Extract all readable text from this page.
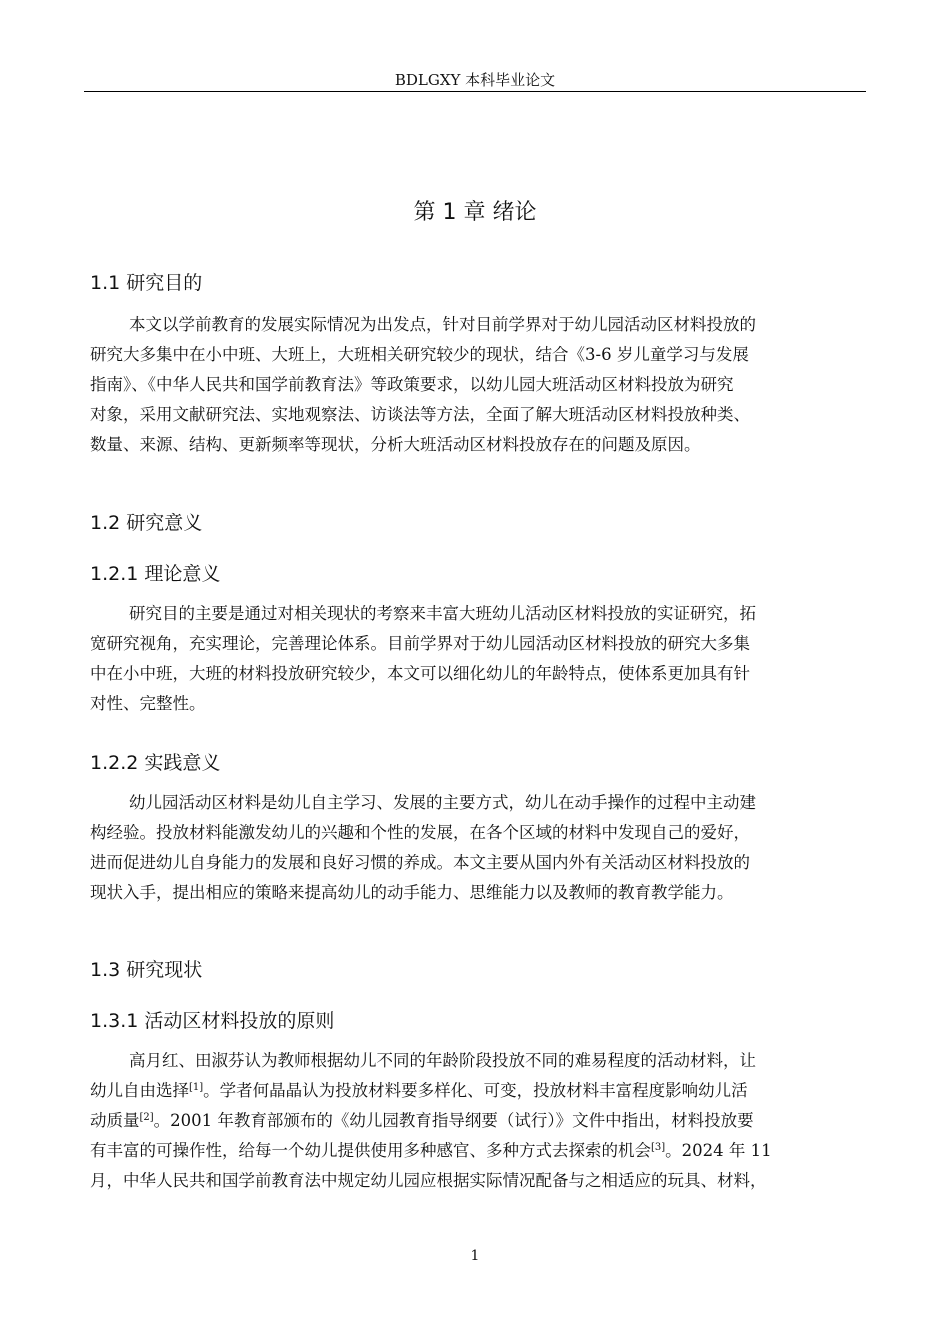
BDLGXY 本科毕业论文
第 1 章 绪论
1.1 研究目的

本文以学前教育的发展实际情况为出发点，针对目前学界对于幼儿园活动区材料投放的
研究大多集中在小中班、大班上，大班相关研究较少的现状，结合《3-6 岁儿童学习与发展
指南》、《中华人民共和国学前教育法》等政策要求，以幼儿园大班活动区材料投放为研究
对象，采用文献研究法、实地观察法、访谈法等方法，全面了解大班活动区材料投放种类、
数量、来源、结构、更新频率等现状，分析大班活动区材料投放存在的问题及原因。

1.2 研究意义
1.2.1 理论意义

研究目的主要是通过对相关现状的考察来丰富大班幼儿活动区材料投放的实证研究，拓
宽研究视角，充实理论，完善理论体系。目前学界对于幼儿园活动区材料投放的研究大多集
中在小中班，大班的材料投放研究较少，本文可以细化幼儿的年龄特点，使体系更加具有针
对性、完整性。

1.2.2 实践意义

幼儿园活动区材料是幼儿自主学习、发展的主要方式，幼儿在动手操作的过程中主动建
构经验。投放材料能激发幼儿的兴趣和个性的发展，在各个区域的材料中发现自己的爱好，
进而促进幼儿自身能力的发展和良好习惯的养成。本文主要从国内外有关活动区材料投放的
现状入手，提出相应的策略来提高幼儿的动手能力、思维能力以及教师的教育教学能力。

1.3 研究现状
1.3.1 活动区材料投放的原则

高月红、田淑芬认为教师根据幼儿不同的年龄阶段投放不同的难易程度的活动材料，让
幼儿自由选择[1]。学者何晶晶认为投放材料要多样化、可变，投放材料丰富程度影响幼儿活
动质量[2]。2001 年教育部颁布的《幼儿园教育指导纲要（试行）》文件中指出，材料投放要
有丰富的可操作性，给每一个幼儿提供使用多种感官、多种方式去探索的机会[3]。2024 年 11
月，中华人民共和国学前教育法中规定幼儿园应根据实际情况配备与之相适应的玩具、材料，

1
